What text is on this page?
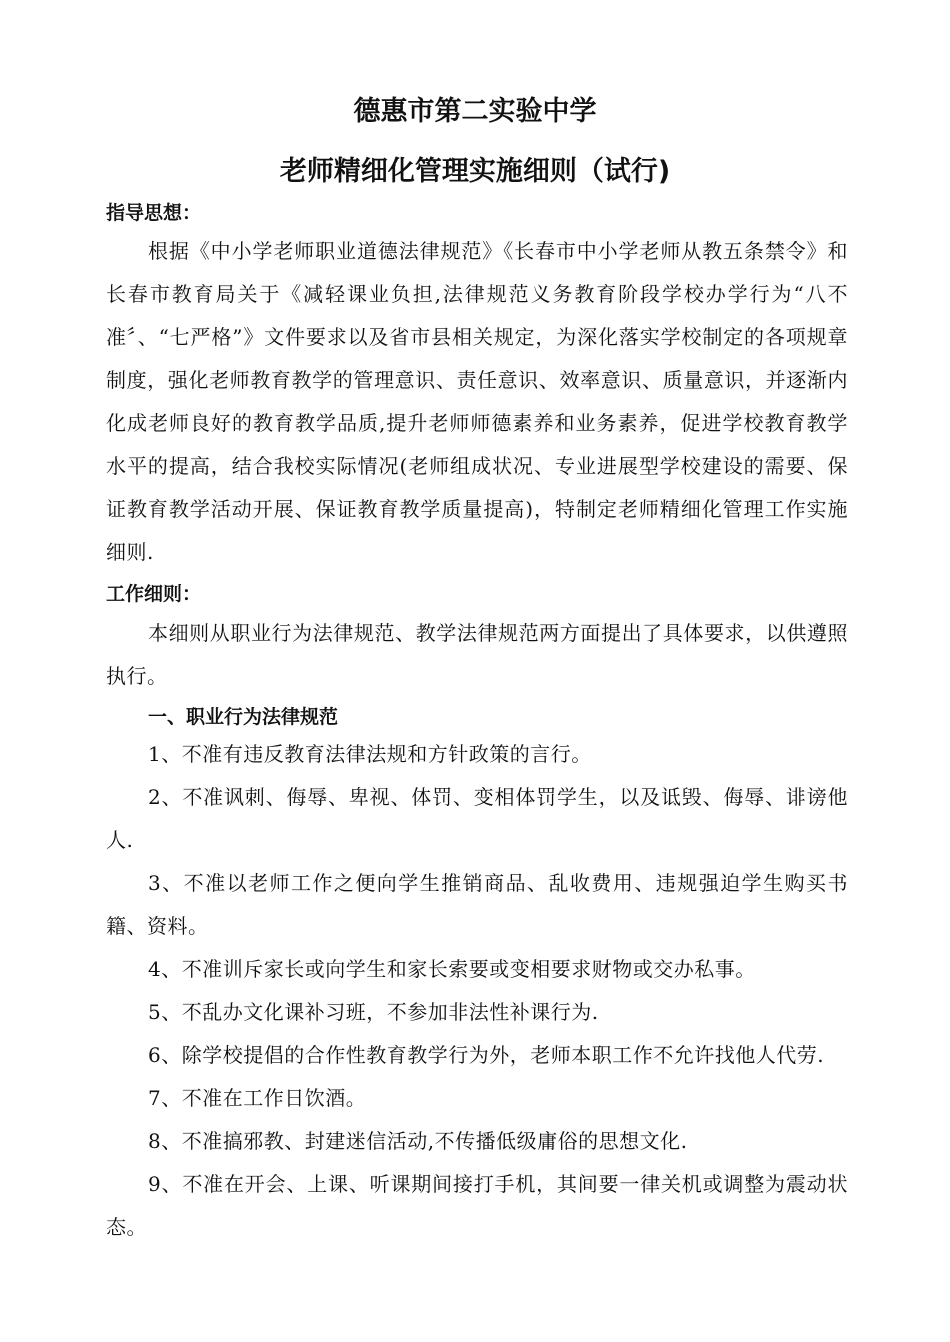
德惠市第二实验中学
老师精细化管理实施细则（试行)
指导思想：

根据《中小学老师职业道德法律规范》《长春市中小学老师从教五条禁令》和长春市教育局关于《减轻课业负担,法律规范义务教育阶段学校办学行为“八不准〞、“七严格”》文件要求以及省市县相关规定，为深化落实学校制定的各项规章制度，强化老师教育教学的管理意识、责任意识、效率意识、质量意识，并逐渐内化成老师良好的教育教学品质,提升老师师德素养和业务素养，促进学校教育教学水平的提高，结合我校实际情况(老师组成状况、专业进展型学校建设的需要、保证教育教学活动开展、保证教育教学质量提高)，特制定老师精细化管理工作实施细则.

工作细则：

本细则从职业行为法律规范、教学法律规范两方面提出了具体要求，以供遵照执行。

一、职业行为法律规范

1、不准有违反教育法律法规和方针政策的言行。

2、不准讽刺、侮辱、卑视、体罚、变相体罚学生，以及诋毁、侮辱、诽谤他人.

3、不准以老师工作之便向学生推销商品、乱收费用、违规强迫学生购买书籍、资料。

4、不准训斥家长或向学生和家长索要或变相要求财物或交办私事。

5、不乱办文化课补习班，不参加非法性补课行为.

6、除学校提倡的合作性教育教学行为外，老师本职工作不允许找他人代劳.

7、不准在工作日饮酒。

8、不准搞邪教、封建迷信活动,不传播低级庸俗的思想文化.

9、不准在开会、上课、听课期间接打手机，其间要一律关机或调整为震动状态。
